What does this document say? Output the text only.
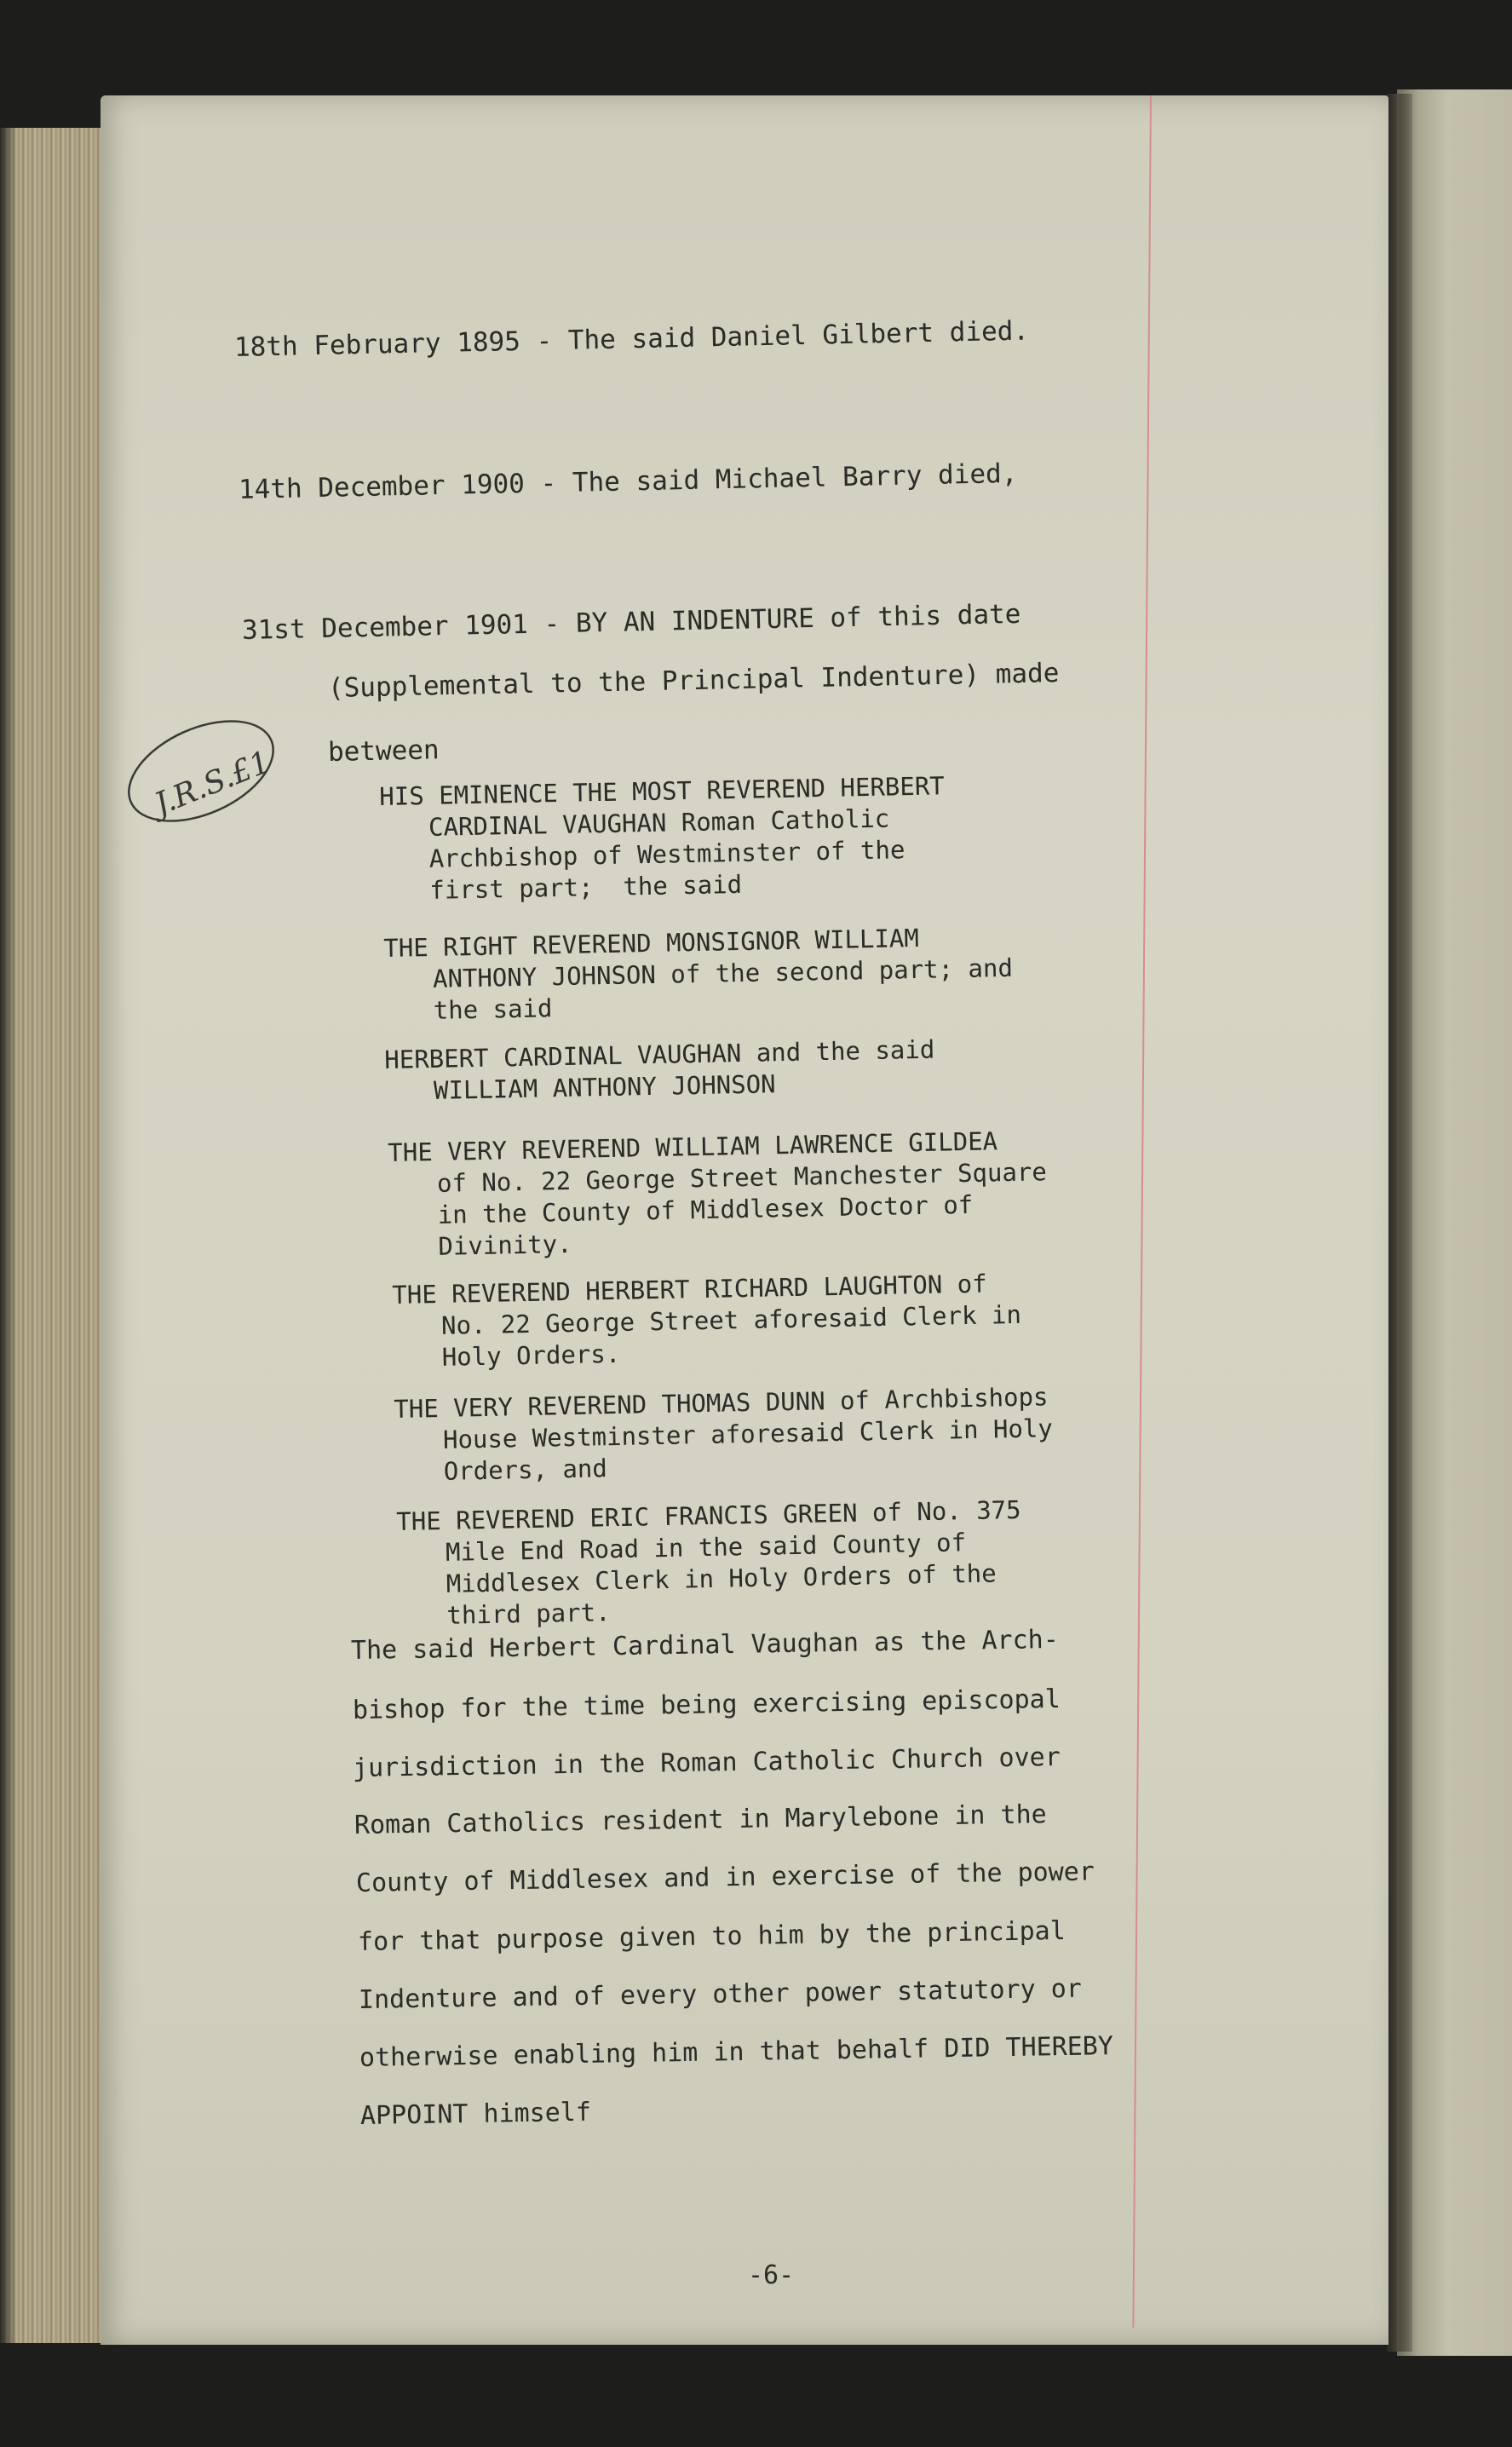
18th February 1895 - The said Daniel Gilbert died.
14th December 1900 - The said Michael Barry died,
31st December 1901 - BY AN INDENTURE of this date
(Supplemental to the Principal Indenture) made
between
J.R.S.£1	HIS EMINENCE THE MOST REVEREND HERBERT
CARDINAL VAUGHAN Roman Catholic
Archbishop of Westminster of the
first part;  the said
THE RIGHT REVEREND MONSIGNOR WILLIAM
ANTHONY JOHNSON of the second part; and
the said
HERBERT CARDINAL VAUGHAN and the said
WILLIAM ANTHONY JOHNSON
THE VERY REVEREND WILLIAM LAWRENCE GILDEA
of No. 22 George Street Manchester Square
in the County of Middlesex Doctor of
Divinity.
THE REVEREND HERBERT RICHARD LAUGHTON of
No. 22 George Street aforesaid Clerk in
Holy Orders.
THE VERY REVEREND THOMAS DUNN of Archbishops
House Westminster aforesaid Clerk in Holy
Orders, and
THE REVEREND ERIC FRANCIS GREEN of No. 375
Mile End Road in the said County of
Middlesex Clerk in Holy Orders of the
third part.
The said Herbert Cardinal Vaughan as the Arch-
bishop for the time being exercising episcopal
jurisdiction in the Roman Catholic Church over
Roman Catholics resident in Marylebone in the
County of Middlesex and in exercise of the power
for that purpose given to him by the principal
Indenture and of every other power statutory or
otherwise enabling him in that behalf DID THEREBY
APPOINT himself
-6-
